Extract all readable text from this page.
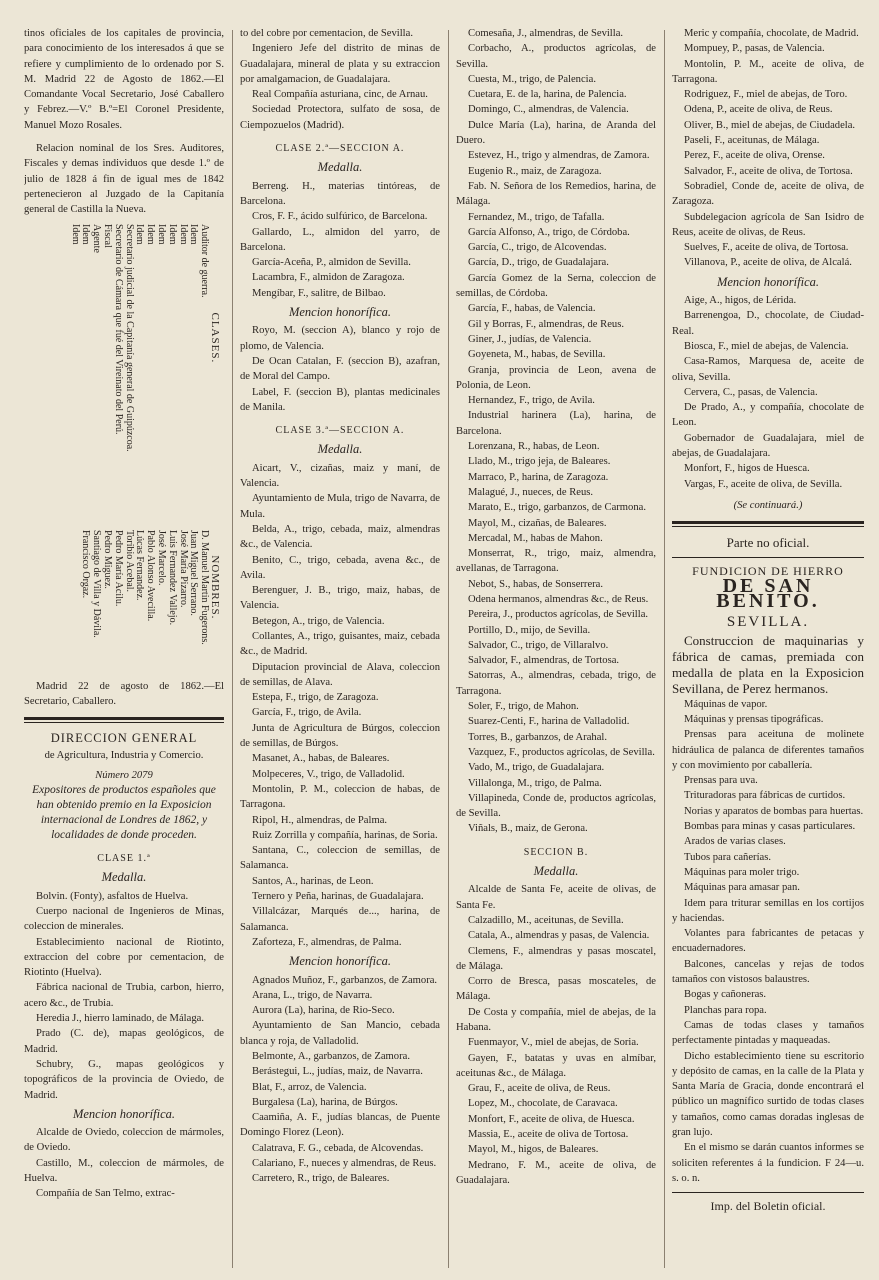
tinos oficiales de los capitales de provincia, para conocimiento de los interesados á que se refiere y cumplimiento de lo ordenado por S. M. Madrid 22 de Agosto de 1862.—El Comandante Vocal Secretario, José Caballero y Febrez.—V.º B.º=El Coronel Presidente, Manuel Mozo Rosales.

Relacion nominal de los Sres. Auditores, Fiscales y demas individuos que desde 1.º de julio de 1828 á fin de igual mes de 1842 pertenecieron al Juzgado de la Capitanía general de Castilla la Nueva.

CLASES.
Auditor de guerra.
Idem
Idem
Idem
Idem
Idem
Idem
Secretario judicial de la Capitanía general de Guipúzcoa.
Secretario de Cámara que fué del Vireinato del Perú.
Fiscal
Agente
Idem
Idem
NOMBRES.
D. Manuel Martin Fugerons.
Juan Miguel Serrano.
José María Pizarro.
Luis Fernandez Vallejo.
José Marcelo.
Pablo Alonso Avecilla.
Lúcas Fernandez.
Toribio Acebal.
Pedro María Acilu.
Pedro Miguez.
Santiago de Villa y Dávila.
Francisco Orgaz.

Madrid 22 de agosto de 1862.—El Secretario, Caballero.

DIRECCION GENERAL
de Agricultura, Industria y Comercio.
Número 2079

Expositores de productos españoles que han obtenido premio en la Exposicion internacional de Londres de 1862, y localidades de donde proceden.

CLASE 1.ª
Medalla.

Bolvin. (Fonty), asfaltos de Huelva.

Cuerpo nacional de Ingenieros de Minas, coleccion de minerales.

Establecimiento nacional de Riotinto, extraccion del cobre por cementacion, de Riotinto (Huelva).

Fábrica nacional de Trubia, carbon, hierro, acero &c., de Trubia.

Heredia J., hierro laminado, de Málaga.

Prado (C. de), mapas geológicos, de Madrid.

Schubry, G., mapas geológicos y topográficos de la provincia de Oviedo, de Madrid.

Mencion honorífica.

Alcalde de Oviedo, coleccion de mármoles, de Oviedo.

Castillo, M., coleccion de mármoles, de Huelva.

Compañía de San Telmo, extrac-

to del cobre por cementacion, de Sevilla.

Ingeniero Jefe del distrito de minas de Guadalajara, mineral de plata y su extraccion por amalgamacion, de Guadalajara.

Real Compañía asturiana, cinc, de Arnau.

Sociedad Protectora, sulfato de sosa, de Ciempozuelos (Madrid).

CLASE 2.ª—SECCION A.
Medalla.

Berreng. H., materias tintóreas, de Barcelona.

Cros, F. F., ácido sulfúrico, de Barcelona.

Gallardo, L., almidon del yarro, de Barcelona.

García-Aceña, P., almidon de Sevilla.

Lacambra, F., almidon de Zaragoza.

Mengíbar, F., salitre, de Bilbao.

Mencion honorífica.

Royo, M. (seccion A), blanco y rojo de plomo, de Valencia.

De Ocan Catalan, F. (seccion B), azafran, de Moral del Campo.

Label, F. (seccion B), plantas medicinales de Manila.

CLASE 3.ª—SECCION A.
Medalla.

Aicart, V., cizañas, maiz y maní, de Valencia.

Ayuntamiento de Mula, trigo de Navarra, de Mula.

Belda, A., trigo, cebada, maiz, almendras &c., de Valencia.

Benito, C., trigo, cebada, avena &c., de Avila.

Berenguer, J. B., trigo, maiz, habas, de Valencia.

Betegon, A., trigo, de Valencia.

Collantes, A., trigo, guisantes, maiz, cebada &c., de Madrid.

Diputacion provincial de Alava, coleccion de semillas, de Alava.

Estepa, F., trigo, de Zaragoza.

García, F., trigo, de Avila.

Junta de Agricultura de Búrgos, coleccion de semillas, de Búrgos.

Masanet, A., habas, de Baleares.

Molpeceres, V., trigo, de Valladolid.

Montolin, P. M., coleccion de habas, de Tarragona.

Ripol, H., almendras, de Palma.

Ruiz Zorrilla y compañía, harinas, de Soria.

Santana, C., coleccion de semillas, de Salamanca.

Santos, A., harinas, de Leon.

Ternero y Peña, harinas, de Guadalajara.

Villalcázar, Marqués de..., harina, de Salamanca.

Zaforteza, F., almendras, de Palma.

Mencion honorífica.

Agnados Muñoz, F., garbanzos, de Zamora.

Arana, L., trigo, de Navarra.

Aurora (La), harina, de Rio-Seco.

Ayuntamiento de San Mancio, cebada blanca y roja, de Valladolid.

Belmonte, A., garbanzos, de Zamora.

Berástegui, L., judías, maiz, de Navarra.

Blat, F., arroz, de Valencia.

Burgalesa (La), harina, de Búrgos.

Caamiña, A. F., judías blancas, de Puente Domingo Florez (Leon).

Calatrava, F. G., cebada, de Alcovendas.

Calariano, F., nueces y almendras, de Reus.

Carretero, R., trigo, de Baleares.

Comesaña, J., almendras, de Sevilla.

Corbacho, A., productos agrícolas, de Sevilla.

Cuesta, M., trigo, de Palencia.

Cuetara, E. de la, harina, de Palencia.

Domingo, C., almendras, de Valencia.

Dulce María (La), harina, de Aranda del Duero.

Estevez, H., trigo y almendras, de Zamora.

Eugenio R., maiz, de Zaragoza.

Fab. N. Señora de los Remedios, harina, de Málaga.

Fernandez, M., trigo, de Tafalla.

García Alfonso, A., trigo, de Córdoba.

García, C., trigo, de Alcovendas.

García, D., trigo, de Guadalajara.

García Gomez de la Serna, coleccion de semillas, de Córdoba.

García, F., habas, de Valencia.

Gil y Borras, F., almendras, de Reus.

Giner, J., judías, de Valencia.

Goyeneta, M., habas, de Sevilla.

Granja, provincia de Leon, avena de Polonia, de Leon.

Hernandez, F., trigo, de Avila.

Industrial harinera (La), harina, de Barcelona.

Lorenzana, R., habas, de Leon.

Llado, M., trigo jeja, de Baleares.

Marraco, P., harina, de Zaragoza.

Malagué, J., nueces, de Reus.

Marato, E., trigo, garbanzos, de Carmona.

Mayol, M., cizañas, de Baleares.

Mercadal, M., habas de Mahon.

Monserrat, R., trigo, maiz, almendra, avellanas, de Tarragona.

Nebot, S., habas, de Sonserrera.

Odena hermanos, almendras &c., de Reus.

Pereira, J., productos agrícolas, de Sevilla.

Portillo, D., mijo, de Sevilla.

Salvador, C., trigo, de Villaralvo.

Salvador, F., almendras, de Tortosa.

Satorras, A., almendras, cebada, trigo, de Tarragona.

Soler, F., trigo, de Mahon.

Suarez-Centi, F., harina de Valladolid.

Torres, B., garbanzos, de Arahal.

Vazquez, F., productos agrícolas, de Sevilla.

Vado, M., trigo, de Guadalajara.

Villalonga, M., trigo, de Palma.

Villapineda, Conde de, productos agrícolas, de Sevilla.

Viñals, B., maiz, de Gerona.

SECCION B.
Medalla.

Alcalde de Santa Fe, aceite de olivas, de Santa Fe.

Calzadillo, M., aceitunas, de Sevilla.

Catala, A., almendras y pasas, de Valencia.

Clemens, F., almendras y pasas moscatel, de Málaga.

Corro de Bresca, pasas moscateles, de Málaga.

De Costa y compañía, miel de abejas, de la Habana.

Fuenmayor, V., miel de abejas, de Soria.

Gayen, F., batatas y uvas en almíbar, aceitunas &c., de Málaga.

Grau, F., aceite de oliva, de Reus.

Lopez, M., chocolate, de Caravaca.

Monfort, F., aceite de oliva, de Huesca.

Massia, E., aceite de oliva de Tortosa.

Mayol, M., higos, de Baleares.

Medrano, F. M., aceite de oliva, de Guadalajara.

Meric y compañía, chocolate, de Madrid.

Mompuey, P., pasas, de Valencia.

Montolin, P. M., aceite de oliva, de Tarragona.

Rodriguez, F., miel de abejas, de Toro.

Odena, P., aceite de oliva, de Reus.

Oliver, B., miel de abejas, de Ciudadela.

Paseli, F., aceitunas, de Málaga.

Perez, F., aceite de oliva, Orense.

Salvador, F., aceite de oliva, de Tortosa.

Sobradiel, Conde de, aceite de oliva, de Zaragoza.

Subdelegacion agrícola de San Isidro de Reus, aceite de olivas, de Reus.

Suelves, F., aceite de oliva, de Tortosa.

Villanova, P., aceite de oliva, de Alcalá.

Mencion honorífica.

Aige, A., higos, de Lérida.

Barrenengoa, D., chocolate, de Ciudad-Real.

Biosca, F., miel de abejas, de Valencia.

Casa-Ramos, Marquesa de, aceite de oliva, Sevilla.

Cervera, C., pasas, de Valencia.

De Prado, A., y compañía, chocolate de Leon.

Gobernador de Guadalajara, miel de abejas, de Guadalajara.

Monfort, F., higos de Huesca.

Vargas, F., aceite de oliva, de Sevilla.

(Se continuará.)
Parte no oficial.
FUNDICION DE HIERRO
DE SAN BENITO.
SEVILLA.

Construccion de maquinarias y fábrica de camas, premiada con medalla de plata en la Exposicion Sevillana, de Perez hermanos.

Máquinas de vapor.

Máquinas y prensas tipográficas.

Prensas para aceituna de molinete hidráulica de palanca de diferentes tamaños y con movimiento por caballería.

Prensas para uva.

Trituradoras para fábricas de curtidos.

Norias y aparatos de bombas para huertas.

Bombas para minas y casas particulares.

Arados de varias clases.

Tubos para cañerías.

Máquinas para moler trigo.

Máquinas para amasar pan.

Idem para triturar semillas en los cortijos y haciendas.

Volantes para fabricantes de petacas y encuadernadores.

Balcones, cancelas y rejas de todos tamaños con vistosos balaustres.

Bogas y cañoneras.

Planchas para ropa.

Camas de todas clases y tamaños perfectamente pintadas y maqueadas.

Dicho establecimiento tiene su escritorio y depósito de camas, en la calle de la Plata y Santa María de Gracia, donde encontrará el público un magnífico surtido de todas clases y tamaños, como camas doradas inglesas de gran lujo.

En el mismo se darán cuantos informes se soliciten referentes á la fundicion. F 24—u. s. o. n.

Imp. del Boletin oficial.
